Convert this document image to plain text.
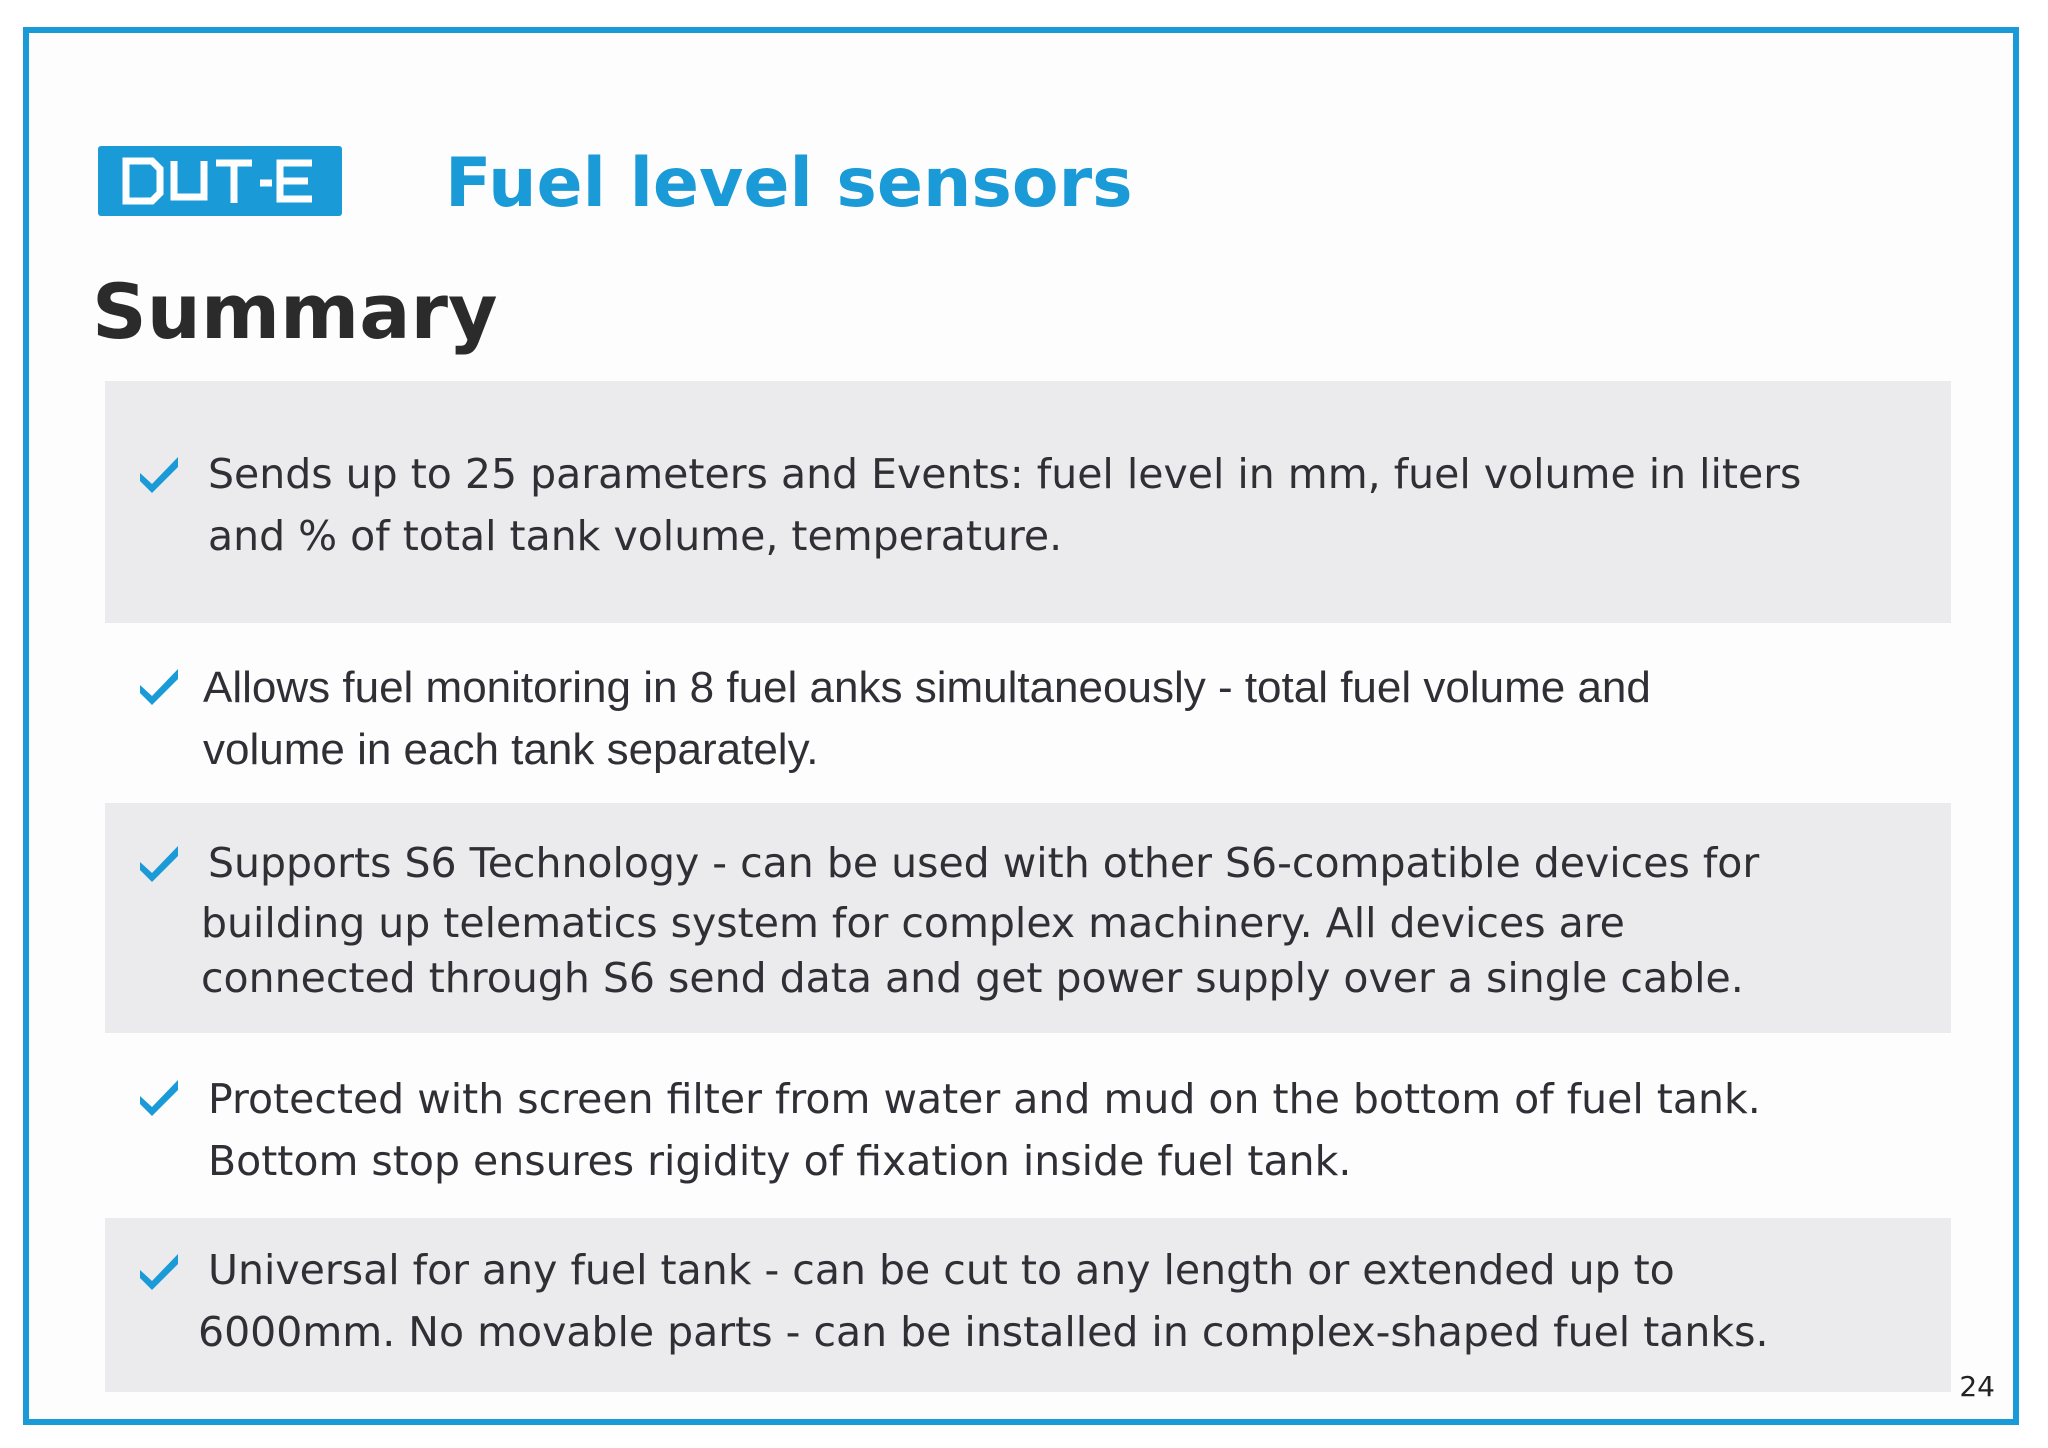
Fuel level sensors
Summary
Sends up to 25 parameters and Events: fuel level in mm, fuel volume in liters
and % of total tank volume, temperature.
Allows fuel monitoring in 8 fuel anks simultaneously - total fuel volume and
volume in each tank separately.
Supports S6 Technology - can be used with other S6-compatible devices for
building up telematics system for complex machinery. All devices are
connected through S6 send data and get power supply over a single cable.
Protected with screen filter from water and mud on the bottom of fuel tank.
Bottom stop ensures rigidity of fixation inside fuel tank.
Universal for any fuel tank - can be cut to any length or extended up to
6000mm. No movable parts - can be installed in complex-shaped fuel tanks.
24
